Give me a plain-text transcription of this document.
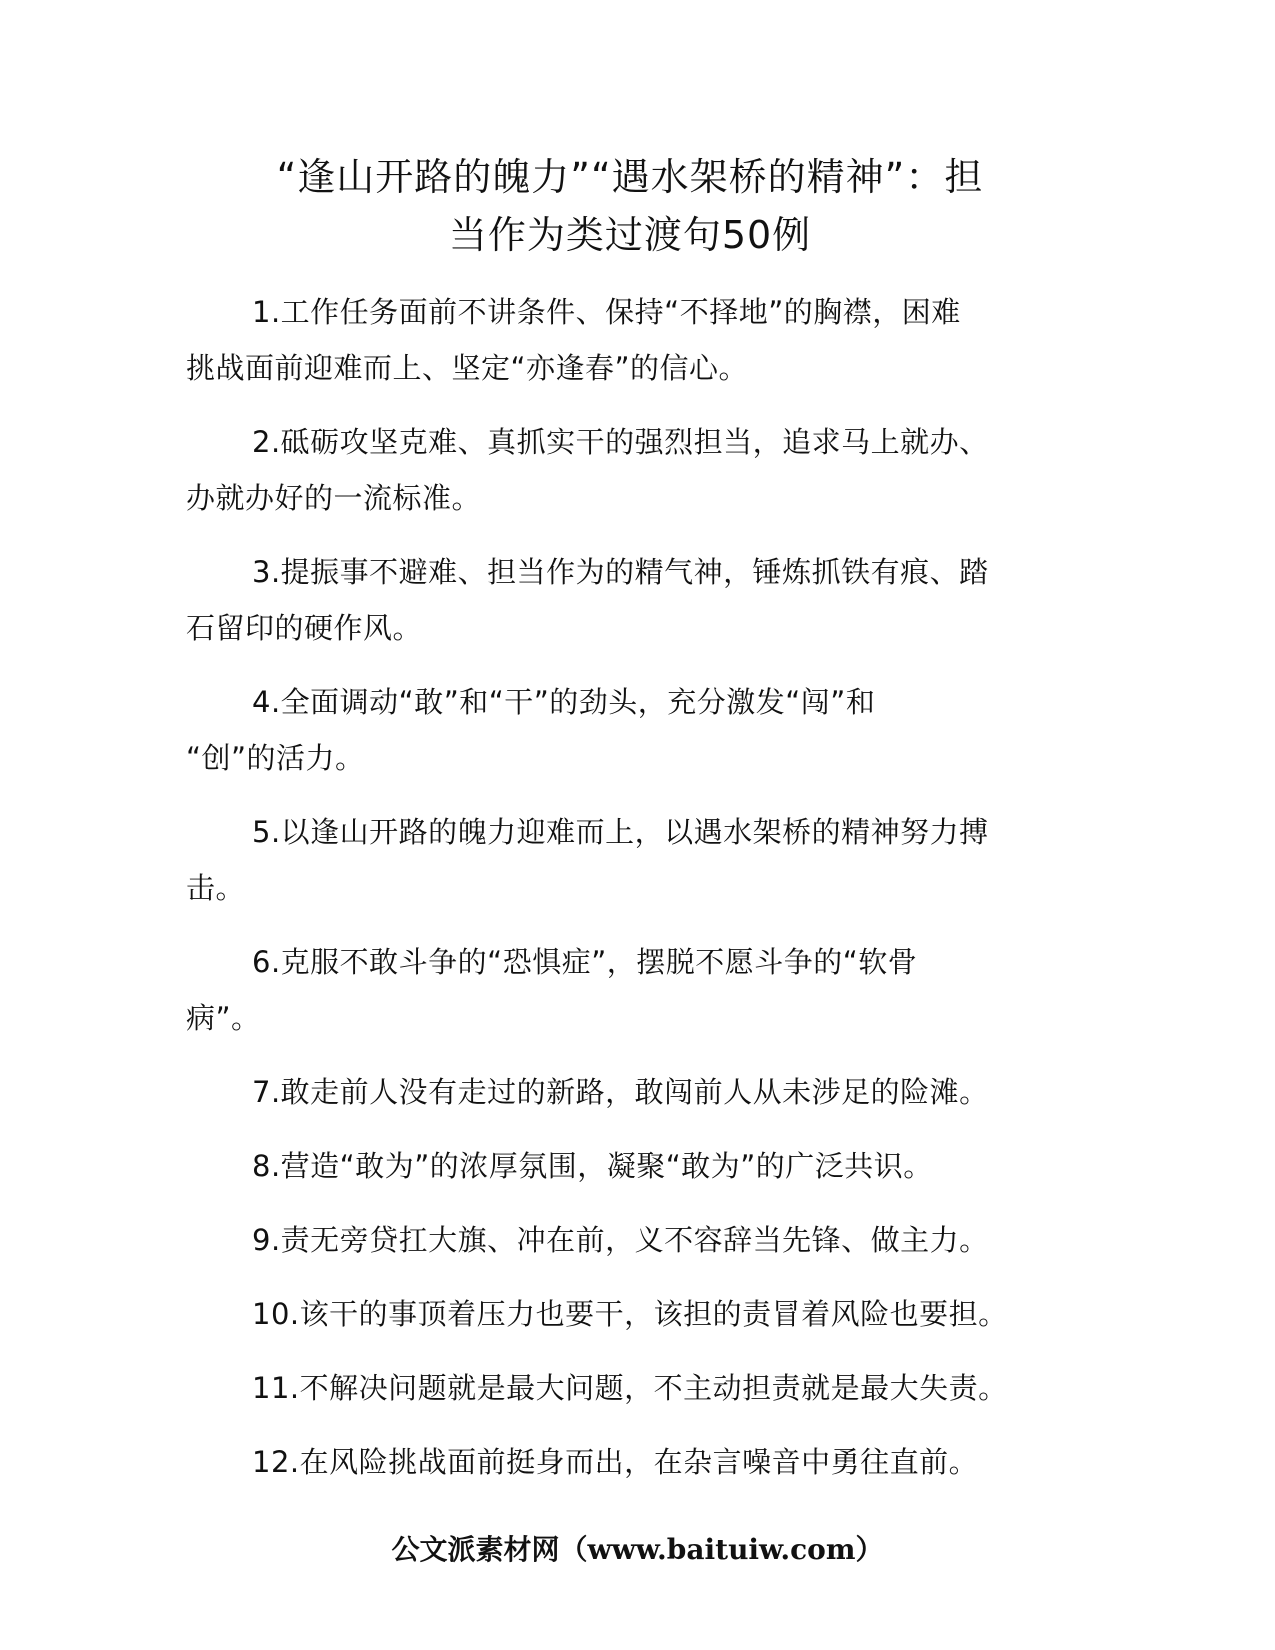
“逢山开路的魄力”“遇水架桥的精神”：担
当作为类过渡句50例

1.工作任务面前不讲条件、保持“不择地”的胸襟，困难
挑战面前迎难而上、坚定“亦逢春”的信心。

2.砥砺攻坚克难、真抓实干的强烈担当，追求马上就办、
办就办好的一流标准。

3.提振事不避难、担当作为的精气神，锤炼抓铁有痕、踏
石留印的硬作风。

4.全面调动“敢”和“干”的劲头，充分激发“闯”和
“创”的活力。

5.以逢山开路的魄力迎难而上，以遇水架桥的精神努力搏
击。

6.克服不敢斗争的“恐惧症”，摆脱不愿斗争的“软骨
病”。

7.敢走前人没有走过的新路，敢闯前人从未涉足的险滩。

8.营造“敢为”的浓厚氛围，凝聚“敢为”的广泛共识。

9.责无旁贷扛大旗、冲在前，义不容辞当先锋、做主力。

10.该干的事顶着压力也要干，该担的责冒着风险也要担。

11.不解决问题就是最大问题，不主动担责就是最大失责。

12.在风险挑战面前挺身而出，在杂言噪音中勇往直前。

公文派素材网（www.baituiw.com）
